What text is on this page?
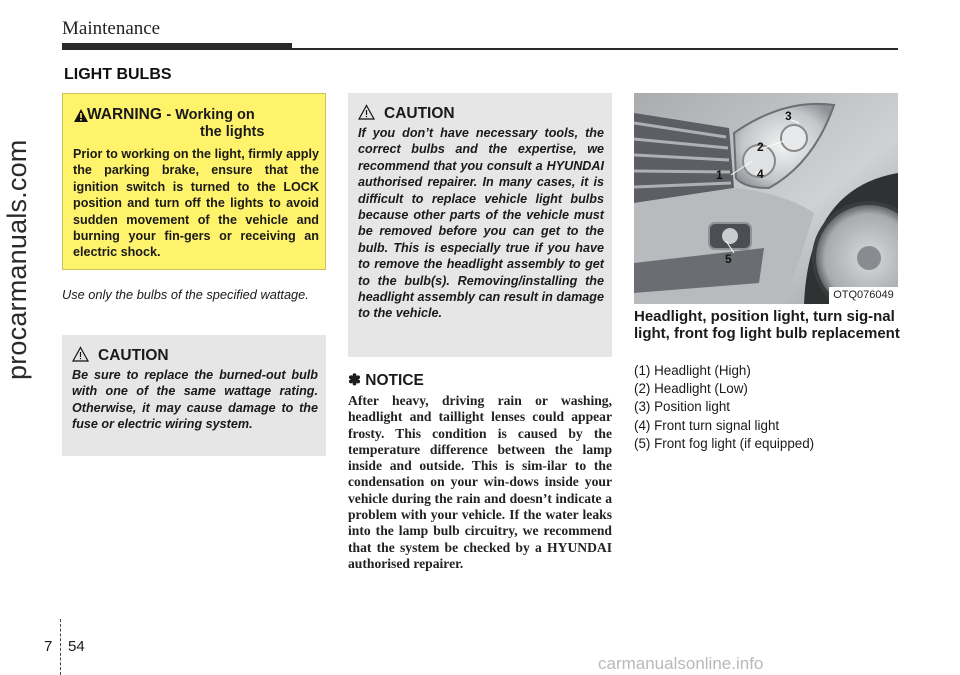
Maintenance
procarmanuals.com
LIGHT BULBS
WARNING - Working on
the lights
Prior to working on the light, firmly apply the parking brake, ensure that the ignition switch is turned to the LOCK position and turn off the lights to avoid sudden movement of the vehicle and burning your fin-gers or receiving an electric shock.
Use only the bulbs of the specified wattage.
CAUTION
Be sure to replace the burned-out bulb with one of the same wattage rating. Otherwise, it may cause damage to the fuse or electric wiring system.
CAUTION
If you don’t have necessary tools, the correct bulbs and the expertise, we recommend that you consult a HYUNDAI authorised repairer. In many cases, it is difficult to replace vehicle light bulbs because other parts of the vehicle must be removed before you can get to the bulb. This is especially true if you have to remove the headlight assembly to get to the bulb(s). Removing/installing the headlight assembly can result in damage to the vehicle.
✽ NOTICE
After heavy, driving rain or washing, headlight and taillight lenses could appear frosty. This condition is caused by the temperature difference between the lamp inside and outside. This is sim-ilar to the condensation on your win-dows inside your vehicle during the rain and doesn’t indicate a problem with your vehicle. If the water leaks into the lamp bulb circuitry, we recommend that the system be checked by a HYUNDAI authorised repairer.
1
2
3
4
5
OTQ076049
Headlight, position light, turn sig-nal light, front fog light bulb replacement
(1) Headlight (High)
(2) Headlight (Low)
(3) Position light
(4) Front turn signal light
(5) Front fog light (if equipped)
7 54
carmanualsonline.info
